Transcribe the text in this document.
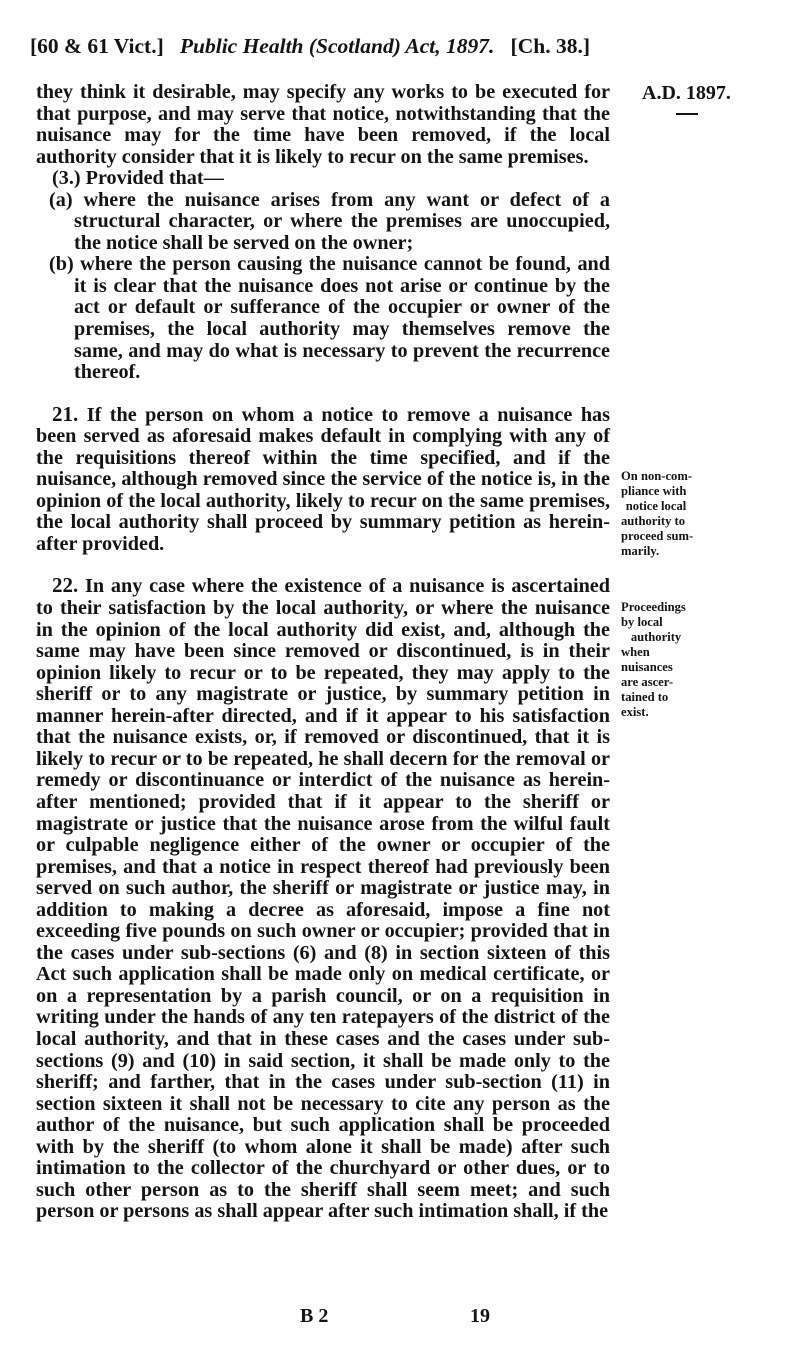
[60 & 61 Vict.] Public Health (Scotland) Act, 1897. [Ch. 38.]
A.D. 1897.
On non-com-
pliance with
notice local
authority to
proceed sum-
marily.
Proceedings
by local
authority
when
nuisances
are ascer-
tained to
exist.

they think it desirable, may specify any works to be executed for that purpose, and may serve that notice, notwithstanding that the nuisance may for the time have been removed, if the local authority consider that it is likely to recur on the same premises.

(3.) Provided that—

(a) where the nuisance arises from any want or defect of a structural character, or where the premises are unoccupied, the notice shall be served on the owner;

(b) where the person causing the nuisance cannot be found, and it is clear that the nuisance does not arise or continue by the act or default or sufferance of the occupier or owner of the premises, the local authority may themselves remove the same, and may do what is necessary to prevent the recurrence thereof.

21. If the person on whom a notice to remove a nuisance has been served as aforesaid makes default in complying with any of the requisitions thereof within the time specified, and if the nuisance, although removed since the service of the notice is, in the opinion of the local authority, likely to recur on the same premises, the local authority shall proceed by summary petition as herein-after provided.

22. In any case where the existence of a nuisance is ascertained to their satisfaction by the local authority, or where the nuisance in the opinion of the local authority did exist, and, although the same may have been since removed or discontinued, is in their opinion likely to recur or to be repeated, they may apply to the sheriff or to any magistrate or justice, by summary petition in manner herein-after directed, and if it appear to his satisfaction that the nuisance exists, or, if removed or discontinued, that it is likely to recur or to be repeated, he shall decern for the removal or remedy or discontinuance or interdict of the nuisance as herein-after mentioned; provided that if it appear to the sheriff or magistrate or justice that the nuisance arose from the wilful fault or culpable negligence either of the owner or occupier of the premises, and that a notice in respect thereof had previously been served on such author, the sheriff or magistrate or justice may, in addition to making a decree as aforesaid, impose a fine not exceeding five pounds on such owner or occupier; provided that in the cases under sub-sections (6) and (8) in section sixteen of this Act such application shall be made only on medical certificate, or on a representation by a parish council, or on a requisition in writing under the hands of any ten ratepayers of the district of the local authority, and that in these cases and the cases under sub-sections (9) and (10) in said section, it shall be made only to the sheriff; and farther, that in the cases under sub-section (11) in section sixteen it shall not be necessary to cite any person as the author of the nuisance, but such application shall be proceeded with by the sheriff (to whom alone it shall be made) after such intimation to the collector of the churchyard or other dues, or to such other person as to the sheriff shall seem meet; and such person or persons as shall appear after such intimation shall, if the

B 2	19
